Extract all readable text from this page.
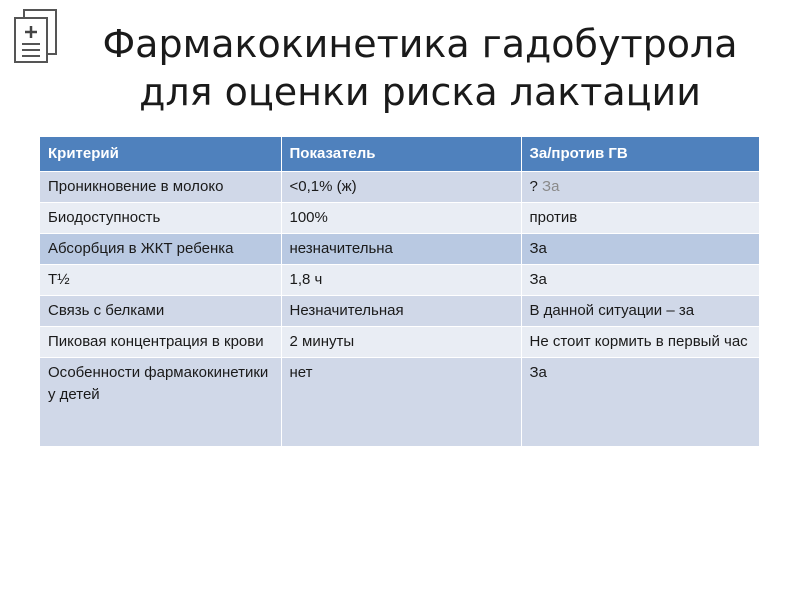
Фармакокинетика гадобутрола
для оценки риска лактации
Критерий	Показатель	За/против ГВ
Проникновение в молоко	<0,1% (ж)	? За
Биодоступность	100%	против
Абсорбция в ЖКТ ребенка	незначительна	За
Т½	1,8 ч	За
Связь с белками	Незначительная	В данной ситуации – за
Пиковая концентрация в крови	2 минуты	Не стоит кормить в первый час
Особенности фармакокинетики у детей	нет	За
